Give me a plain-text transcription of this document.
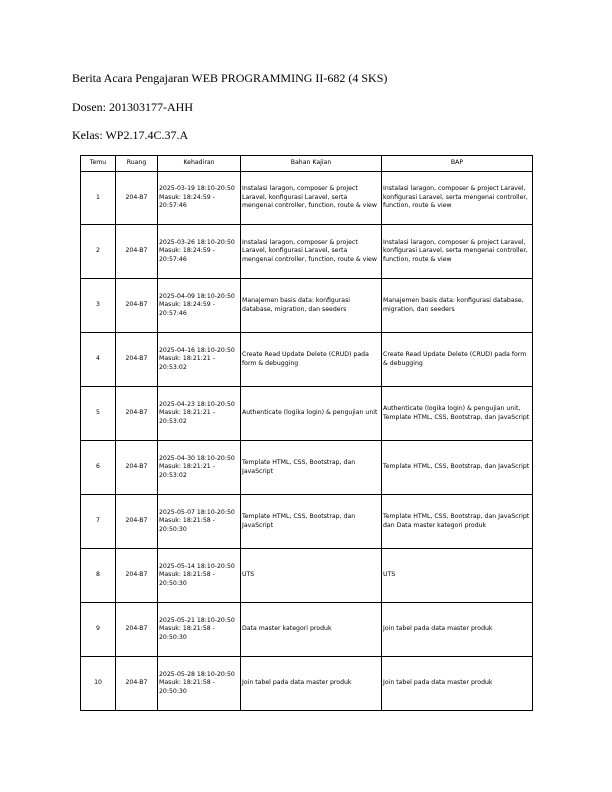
Berita Acara Pengajaran WEB PROGRAMMING II-682 (4 SKS)
Dosen: 201303177-AHH
Kelas: WP2.17.4C.37.A
Temu	Ruang	Kehadiran	Bahan Kajian	BAP
1	204-B7	2025-03-19 18:10-20:50 Masuk: 18:24:59 - 20:57:46	Instalasi laragon, composer & project Laravel, konfigurasi Laravel, serta mengenai controller, function, route & view	Instalasi laragon, composer & project Laravel, konfigurasi Laravel, serta mengenai controller, function, route & view
2	204-B7	2025-03-26 18:10-20:50 Masuk: 18:24:59 - 20:57:46	Instalasi laragon, composer & project Laravel, konfigurasi Laravel, serta mengenai controller, function, route & view	Instalasi laragon, composer & project Laravel, konfigurasi Laravel, serta mengenai controller, function, route & view
3	204-B7	2025-04-09 18:10-20:50 Masuk: 18:24:59 - 20:57:46	Manajemen basis data: konfigurasi database, migration, dan seeders	Manajemen basis data: konfigurasi database, migration, dan seeders
4	204-B7	2025-04-16 18:10-20:50 Masuk: 18:21:21 - 20:53:02	Create Read Update Delete (CRUD) pada form & debugging	Create Read Update Delete (CRUD) pada form & debugging
5	204-B7	2025-04-23 18:10-20:50 Masuk: 18:21:21 - 20:53:02	Authenticate (logika login) & pengujian unit	Authenticate (logika login) & pengujian unit, Template HTML, CSS, Bootstrap, dan JavaScript
6	204-B7	2025-04-30 18:10-20:50 Masuk: 18:21:21 - 20:53:02	Template HTML, CSS, Bootstrap, dan JavaScript	Template HTML, CSS, Bootstrap, dan JavaScript
7	204-B7	2025-05-07 18:10-20:50 Masuk: 18:21:58 - 20:50:30	Template HTML, CSS, Bootstrap, dan JavaScript	Template HTML, CSS, Bootstrap, dan JavaScript dan Data master kategori produk
8	204-B7	2025-05-14 18:10-20:50 Masuk: 18:21:58 - 20:50:30	UTS	UTS
9	204-B7	2025-05-21 18:10-20:50 Masuk: 18:21:58 - 20:50:30	Data master kategori produk	Join tabel pada data master produk
10	204-B7	2025-05-28 18:10-20:50 Masuk: 18:21:58 - 20:50:30	Join tabel pada data master produk	Join tabel pada data master produk
